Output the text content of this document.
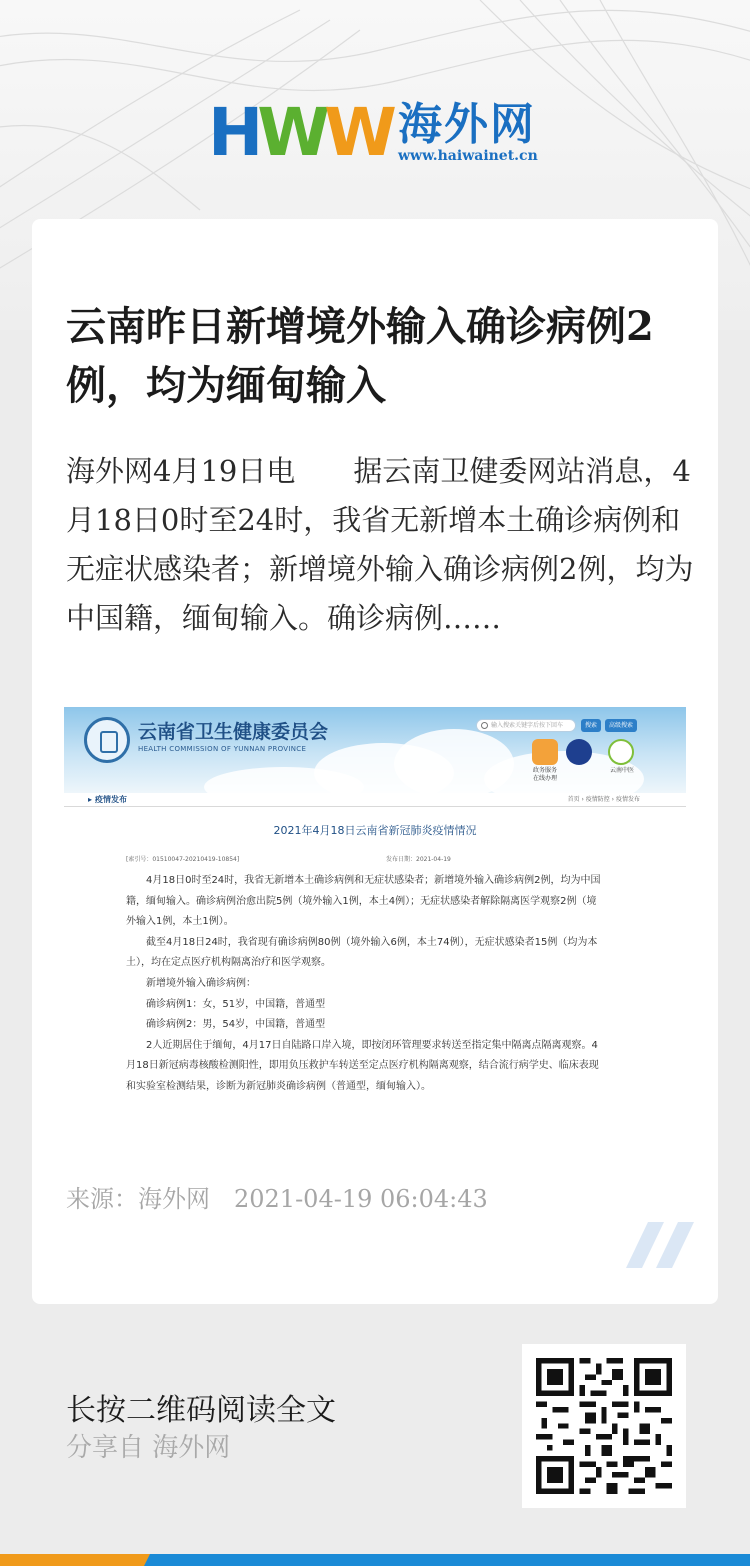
HWW 海外网
www.haiwainet.cn
云南昨日新增境外输入确诊病例2例，均为缅甸输入

海外网4月19日电　　据云南卫健委网站消息，4月18日0时至24时，我省无新增本土确诊病例和无症状感染者；新增境外输入确诊病例2例，均为中国籍，缅甸输入。确诊病例……

云南省卫生健康委员会
HEALTH COMMISSION OF YUNNAN PROVINCE
输入搜索关键字后按下回车	搜索	高级搜索
政务服务
在线办理
云南中医
▸ 疫情发布	首页 › 疫情防控 › 疫情发布
2021年4月18日云南省新冠肺炎疫情情况
[索引号：01510047-20210419-10854]	发布日期：2021-04-19

4月18日0时至24时，我省无新增本土确诊病例和无症状感染者；新增境外输入确诊病例2例，均为中国籍，缅甸输入。确诊病例治愈出院5例（境外输入1例，本土4例）；无症状感染者解除隔离医学观察2例（境外输入1例，本土1例）。

截至4月18日24时，我省现有确诊病例80例（境外输入6例，本土74例），无症状感染者15例（均为本土），均在定点医疗机构隔离治疗和医学观察。

新增境外输入确诊病例：

确诊病例1：女，51岁，中国籍，普通型

确诊病例2：男，54岁，中国籍，普通型

2人近期居住于缅甸，4月17日自陆路口岸入境，即按闭环管理要求转送至指定集中隔离点隔离观察。4月18日新冠病毒核酸检测阳性，即用负压救护车转送至定点医疗机构隔离观察，结合流行病学史、临床表现和实验室检测结果，诊断为新冠肺炎确诊病例（普通型，缅甸输入）。

来源：海外网　2021-04-19 06:04:43
长按二维码阅读全文
分享自 海外网
